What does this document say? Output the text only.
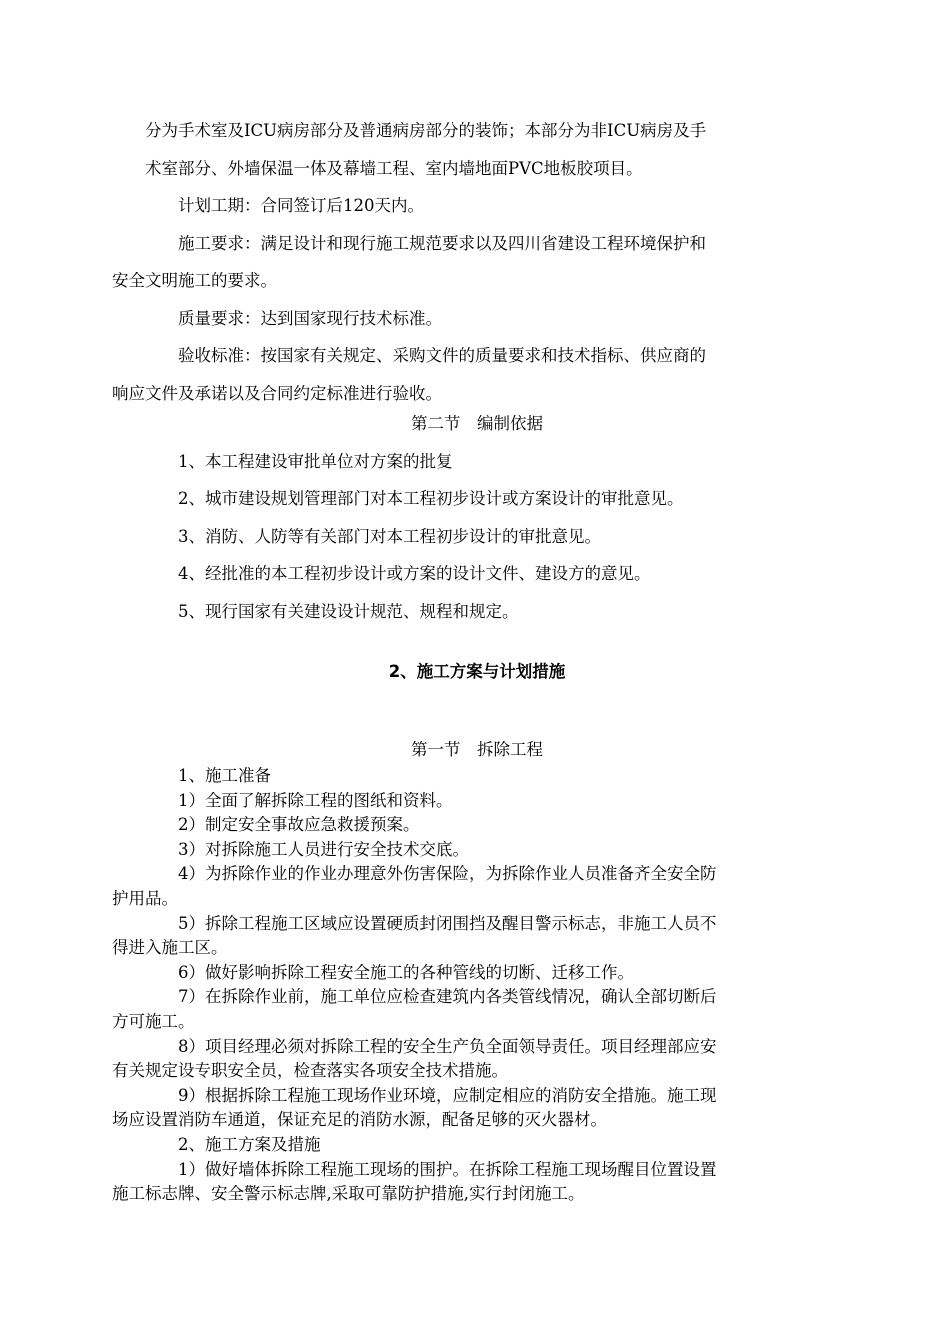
分为手术室及ICU病房部分及普通病房部分的装饰；本部分为非ICU病房及手
术室部分、外墙保温一体及幕墙工程、室内墙地面PVC地板胶项目。

计划工期：合同签订后120天内。

施工要求：满足设计和现行施工规范要求以及四川省建设工程环境保护和
安全文明施工的要求。

质量要求：达到国家现行技术标准。

验收标准：按国家有关规定、采购文件的质量要求和技术指标、供应商的
响应文件及承诺以及合同约定标准进行验收。

第二节　编制依据

1、本工程建设审批单位对方案的批复

2、城市建设规划管理部门对本工程初步设计或方案设计的审批意见。

3、消防、人防等有关部门对本工程初步设计的审批意见。

4、经批准的本工程初步设计或方案的设计文件、建设方的意见。

5、现行国家有关建设设计规范、规程和规定。

2、施工方案与计划措施

第一节　拆除工程

1、施工准备

1）全面了解拆除工程的图纸和资料。

2）制定安全事故应急救援预案。

3）对拆除施工人员进行安全技术交底。

4）为拆除作业的作业办理意外伤害保险，为拆除作业人员准备齐全安全防
护用品。

5）拆除工程施工区域应设置硬质封闭围挡及醒目警示标志，非施工人员不
得进入施工区。

6）做好影响拆除工程安全施工的各种管线的切断、迁移工作。

7）在拆除作业前，施工单位应检查建筑内各类管线情况，确认全部切断后
方可施工。

8）项目经理必须对拆除工程的安全生产负全面领导责任。项目经理部应安
有关规定设专职安全员，检查落实各项安全技术措施。

9）根据拆除工程施工现场作业环境，应制定相应的消防安全措施。施工现
场应设置消防车通道，保证充足的消防水源，配备足够的灭火器材。

2、施工方案及措施

1）做好墙体拆除工程施工现场的围护。在拆除工程施工现场醒目位置设置
施工标志牌、安全警示标志牌,采取可靠防护措施,实行封闭施工。
